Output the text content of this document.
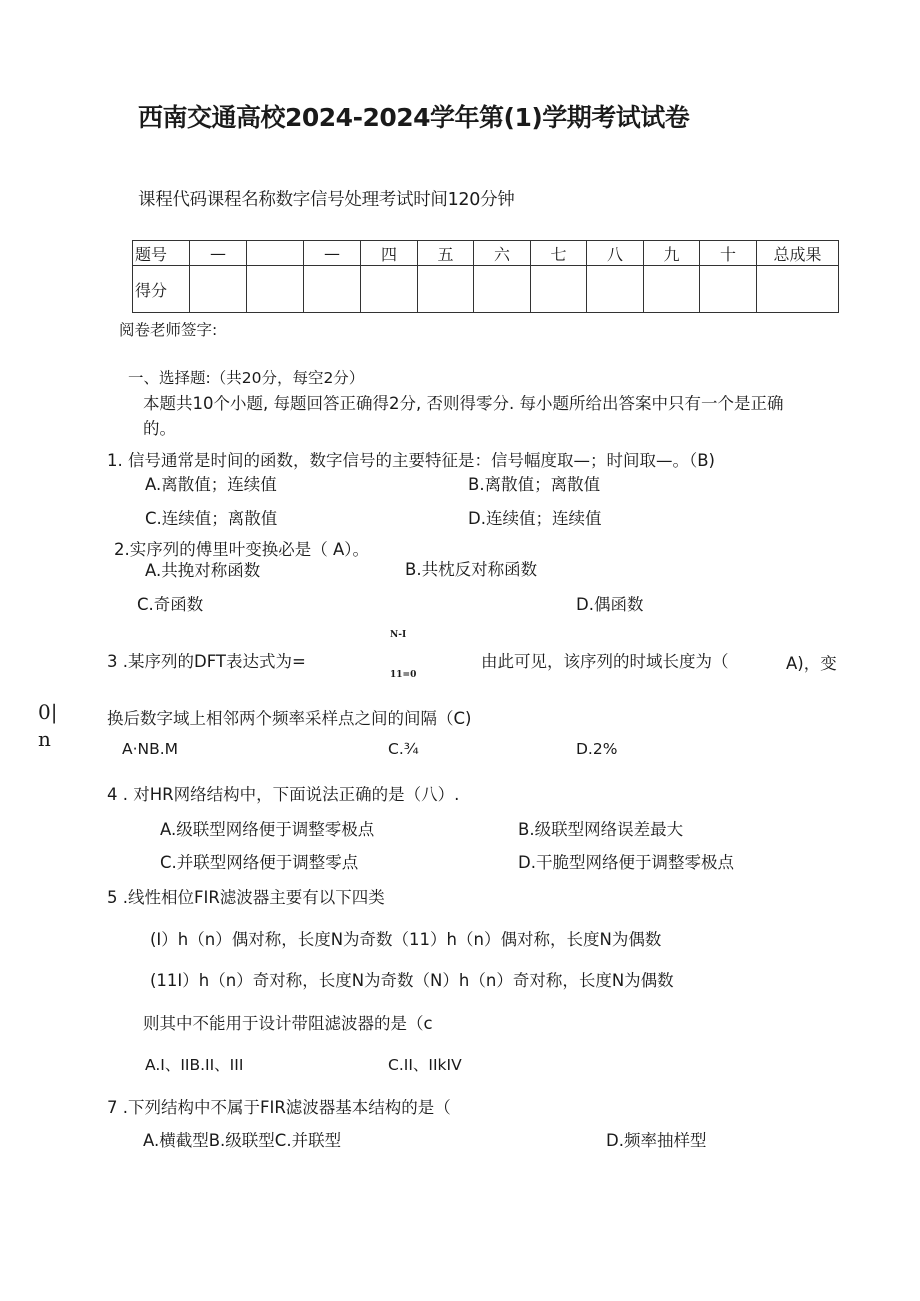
西南交通高校2024-2024学年第(1)学期考试试卷
课程代码课程名称数字信号处理考试时间120分钟
题号	—		—	四	五	六	七	八	九	十	总成果
得分											
阅卷老师签字:
一、选择题:（共20分，每空2分）
本题共10个小题, 每题回答正确得2分, 否则得零分. 每小题所给出答案中只有一个是正确
的。
1. 信号通常是时间的函数，数字信号的主要特征是：信号幅度取—；时间取—。（B)
A.离散值；连续值	B.离散值；离散值
C.连续值；离散值	D.连续值；连续值
2.实序列的傅里叶变换必是（ A）。
A.共挽对称函数	B.共枕反对称函数
C.奇函数	D.偶函数
N-I
3 .某序列的DFT表达式为=
11=0
由此可见，该序列的时域长度为（	A)，变
0|
n
换后数字域上相邻两个频率采样点之间的间隔（C)
A·NB.M	C.¾	D.2%
4 . 对HR网络结构中，下面说法正确的是（八）.
A.级联型网络便于调整零极点	B.级联型网络误差最大
C.并联型网络便于调整零点	D.干脆型网络便于调整零极点
5 .线性相位FIR滤波器主要有以下四类
(I）h（n）偶对称，长度N为奇数（11）h（n）偶对称，长度N为偶数
(11I）h（n）奇对称，长度N为奇数（N）h（n）奇对称，长度N为偶数
则其中不能用于设计带阻滤波器的是（c
A.I、IIB.II、III	C.II、IIkIV
7 .下列结构中不属于FIR滤波器基本结构的是（
A.横截型B.级联型C.并联型	D.频率抽样型
